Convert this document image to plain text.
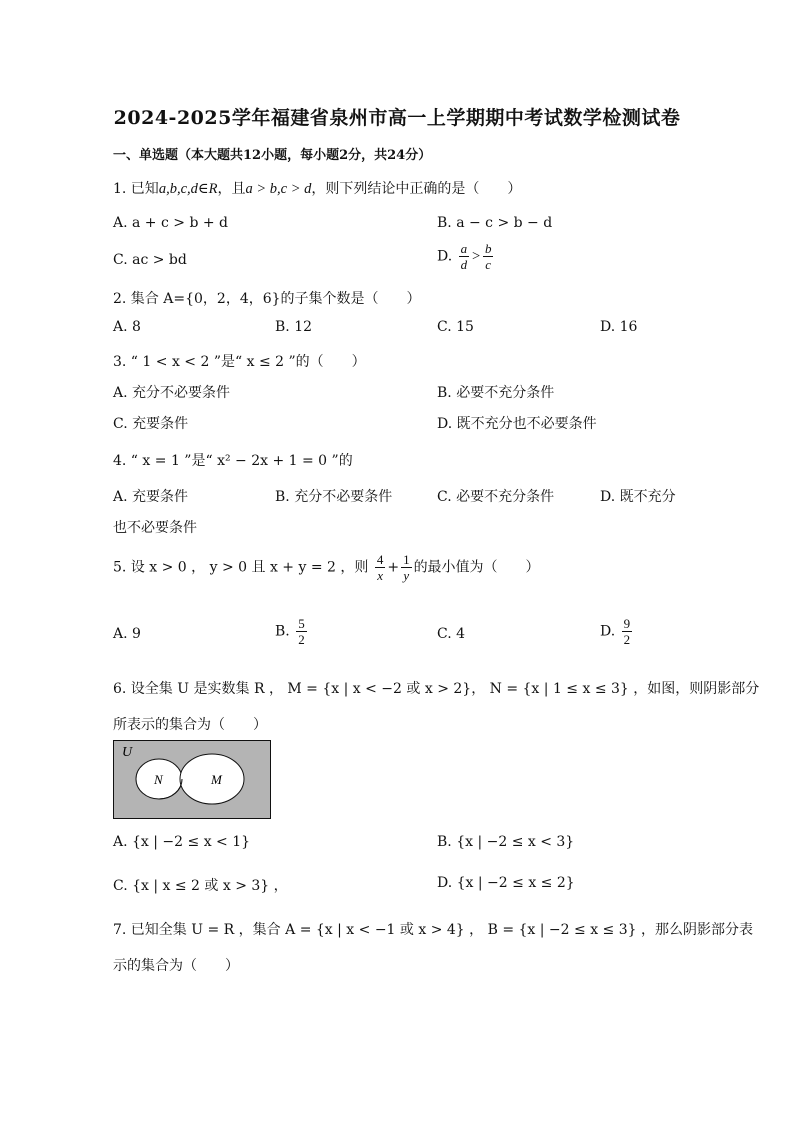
2024-2025学年福建省泉州市高一上学期期中考试数学检测试卷
一、单选题（本大题共12小题，每小题2分，共24分）
1. 已知a,b,c,d∈R，且a > b,c > d，则下列结论中正确的是（　　）
A. a + c > b + d	B. a − c > b − d
C. ac > bd	D. $\frac{a}{d} > \frac{b}{c}$
2. 集合 A={0，2，4，6}的子集个数是（　　）
A. 8	B. 12	C. 15	D. 16
3. “ 1 < x < 2 ”是“ x ≤ 2 ”的（　　）
A. 充分不必要条件	B. 必要不充分条件
C. 充要条件	D. 既不充分也不必要条件
4. “ x = 1 ”是“ x² − 2x + 1 = 0 ”的
A. 充要条件	B. 充分不必要条件	C. 必要不充分条件	D. 既不充分
也不必要条件
5. 设 x > 0 ， y > 0 且 x + y = 2 ，则 $\frac{4}{x} + \frac{1}{y}$ 的最小值为（　　）
A. 9	B. $\frac{5}{2}$	C. 4	D. $\frac{9}{2}$
6. 设全集 U 是实数集 R ， M = {x | x < −2 或 x > 2}， N = {x | 1 ≤ x ≤ 3} ，如图，则阴影部分
所表示的集合为（　　）
U
N	M
A. {x | −2 ≤ x < 1}	B. {x | −2 ≤ x < 3}
C. {x | x ≤ 2 或 x > 3} ，	D. {x | −2 ≤ x ≤ 2}
7. 已知全集 U = R ，集合 A = {x | x < −1 或 x > 4} ， B = {x | −2 ≤ x ≤ 3} ，那么阴影部分表
示的集合为（　　）
